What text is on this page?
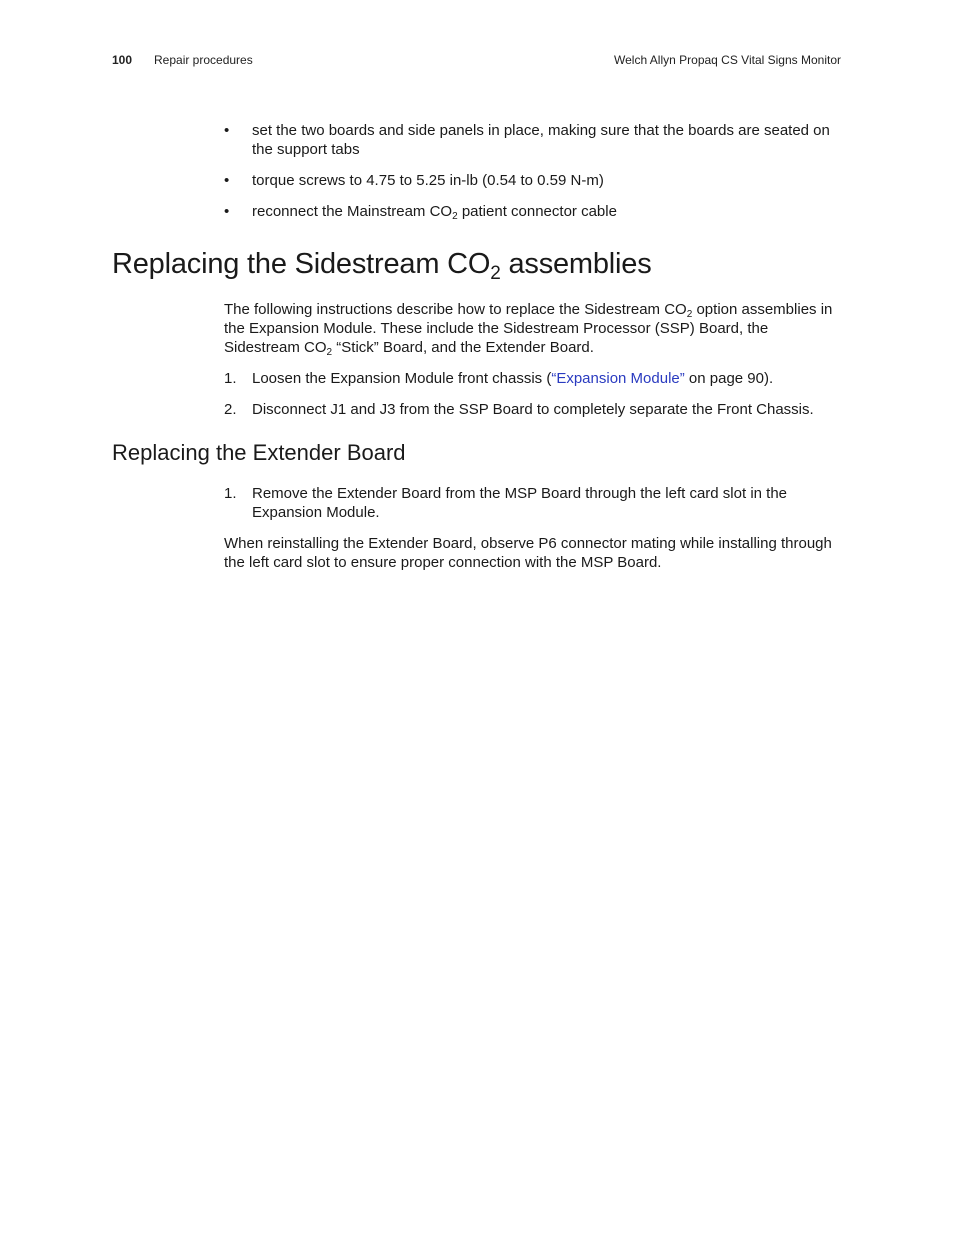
100 Repair procedures	Welch Allyn Propaq CS Vital Signs Monitor
• set the two boards and side panels in place, making sure that the boards are seated on the support tabs
• torque screws to 4.75 to 5.25 in-lb (0.54 to 0.59 N-m)
• reconnect the Mainstream $CO_2$ patient connector cable
Replacing the Sidestream $CO_2$ assemblies

The following instructions describe how to replace the Sidestream $CO_2$ option assemblies in the Expansion Module. These include the Sidestream Processor (SSP) Board, the Sidestream $CO_2$ “Stick” Board, and the Extender Board.

1. Loosen the Expansion Module front chassis (“Expansion Module” on page 90).

2. Disconnect J1 and J3 from the SSP Board to completely separate the Front Chassis.

Replacing the Extender Board

1. Remove the Extender Board from the MSP Board through the left card slot in the Expansion Module.

When reinstalling the Extender Board, observe P6 connector mating while installing through the left card slot to ensure proper connection with the MSP Board.
